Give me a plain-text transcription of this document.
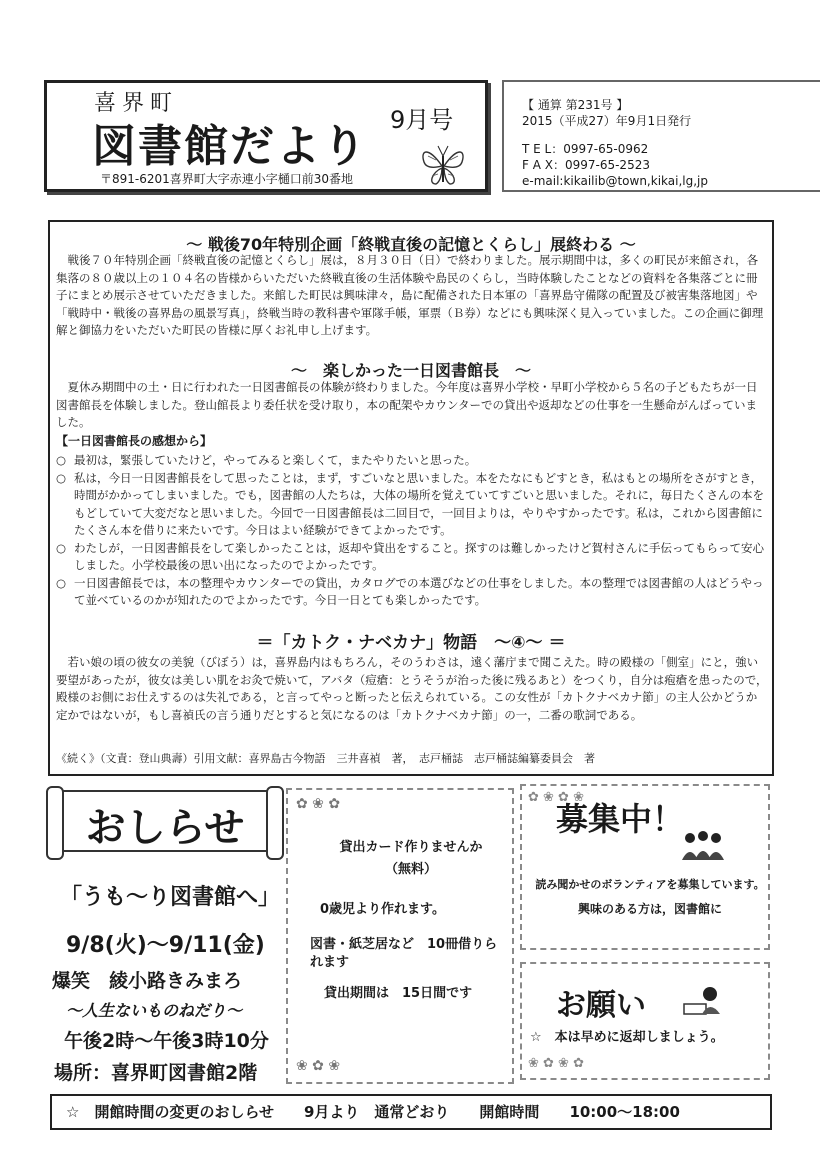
喜界町
図書館だより
9月号
〒891-6201喜界町大字赤連小字樋口前30番地
【 通算 第231号 】
2015（平成27）年9月1日発行
T E L：0997-65-0962
F A X：0997-65-2523
e-mail:kikailib@town,kikai,lg,jp
〜 戦後70年特別企画「終戦直後の記憶とくらし」展終わる 〜

戦後７０年特別企画「終戦直後の記憶とくらし」展は，８月３０日（日）で終わりました。展示期間中は，多くの町民が来館され，各集落の８０歳以上の１０４名の皆様からいただいた終戦直後の生活体験や島民のくらし，当時体験したことなどの資料を各集落ごとに冊子にまとめ展示させていただきました。来館した町民は興味津々，島に配備された日本軍の「喜界島守備隊の配置及び被害集落地図」や「戦時中・戦後の喜界島の風景写真」，終戦当時の教科書や軍隊手帳，軍票（Ｂ券）などにも興味深く見入っていました。この企画に御理解と御協力をいただいた町民の皆様に厚くお礼申し上げます。

〜　楽しかった一日図書館長　〜

夏休み期間中の土・日に行われた一日図書館長の体験が終わりました。今年度は喜界小学校・早町小学校から５名の子どもたちが一日図書館長を体験しました。登山館長より委任状を受け取り，本の配架やカウンターでの貸出や返却などの仕事を一生懸命がんばっていました。

【一日図書館長の感想から】
○ 最初は，緊張していたけど，やってみると楽しくて，またやりたいと思った。
○ 私は，今日一日図書館長をして思ったことは，まず，すごいなと思いました。本をたなにもどすとき，私はもとの場所をさがすとき，時間がかかってしまいました。でも，図書館の人たちは，大体の場所を覚えていてすごいと思いました。それに，毎日たくさんの本をもどしていて大変だなと思いました。今回で一日図書館長は二回目で，一回目よりは，やりやすかったです。私は，これから図書館にたくさん本を借りに来たいです。今日はよい経験ができてよかったです。
○ わたしが，一日図書館長をして楽しかったことは，返却や貸出をすること。探すのは難しかったけど賀村さんに手伝ってもらって安心しました。小学校最後の思い出になったのでよかったです。
○ 一日図書館長では，本の整理やカウンターでの貸出，カタログでの本選びなどの仕事をしました。本の整理では図書館の人はどうやって並べているのかが知れたのでよかったです。今日一日とても楽しかったです。
＝「カトク・ナベカナ」物語　〜④〜 ＝

若い娘の頃の彼女の美貌（びぼう）は，喜界島内はもちろん，そのうわさは，遠く藩庁まで聞こえた。時の殿様の「側室」にと，強い要望があったが，彼女は美しい肌をお灸で焼いて，アバタ（痘瘡：とうそうが治った後に残るあと）をつくり，自分は疱瘡を患ったので，殿様のお側にお仕えするのは失礼である，と言ってやっと断ったと伝えられている。この女性が「カトクナベカナ節」の主人公かどうか定かではないが，もし喜禎氏の言う通りだとすると気になるのは「カトクナベカナ節」の一，二番の歌詞である。

《続く》（文責：登山典壽）引用文献：喜界島古今物語　三井喜禎　著，　志戸桶誌　志戸桶誌編纂委員会　著

おしらせ
「うも〜り図書館へ」
9/8(火)〜9/11(金)
爆笑　綾小路きみまろ
〜人生ないものねだり〜
午後2時〜午後3時10分
場所：喜界町図書館2階
✿ ❀ ✿
貸出カード作りませんか
（無料）
0歳児より作れます。
図書・紙芝居など　10冊借りられます
貸出期間は　15日間です
❀ ✿ ❀
✿ ❀ ✿ ❀
募集中！
読み聞かせのボランティアを募集しています。
興味のある方は，図書館に
お願い
☆　本は早めに返却しましょう。
❀ ✿ ❀ ✿
☆　開館時間の変更のおしらせ　　9月より　通常どおり　　開館時間　　10:00〜18:00
